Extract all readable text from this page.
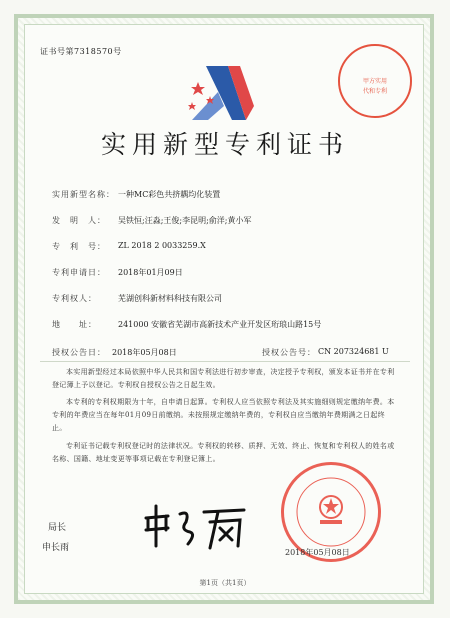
证书号第7318570号
甲方实用
代和专利
实用新型专利证书
实用新型名称： 一种MC彩色共挤耦均化装置
发　明　人： 吴铁恒;汪淼;王俊;李昆明;俞洋;黄小军
专　利　号： ZL 2018 2 0033259.X
专利申请日： 2018年01月09日
专利权人：	芜湖创科新材料科技有限公司
地　　址：	241000 安徽省芜湖市高新技术产业开发区珩琅山路15号
授权公告日： 2018年05月08日	授权公告号： CN 207324681 U
本实用新型经过本局依照中华人民共和国专利法进行初步审查，决定授予专利权，颁发本证书并在专利登记簿上予以登记。专利权自授权公告之日起生效。
本专利的专利权期限为十年，自申请日起算。专利权人应当依照专利法及其实施细则规定缴纳年费。本专利的年费应当在每年01月09日前缴纳。未按照规定缴纳年费的，专利权自应当缴纳年费期满之日起终止。
专利证书记载专利权登记时的法律状况。专利权的转移、质押、无效、终止、恢复和专利权人的姓名或名称、国籍、地址变更等事项记载在专利登记簿上。
局长
申长雨	2018年05月08日
第1页（共1页）
